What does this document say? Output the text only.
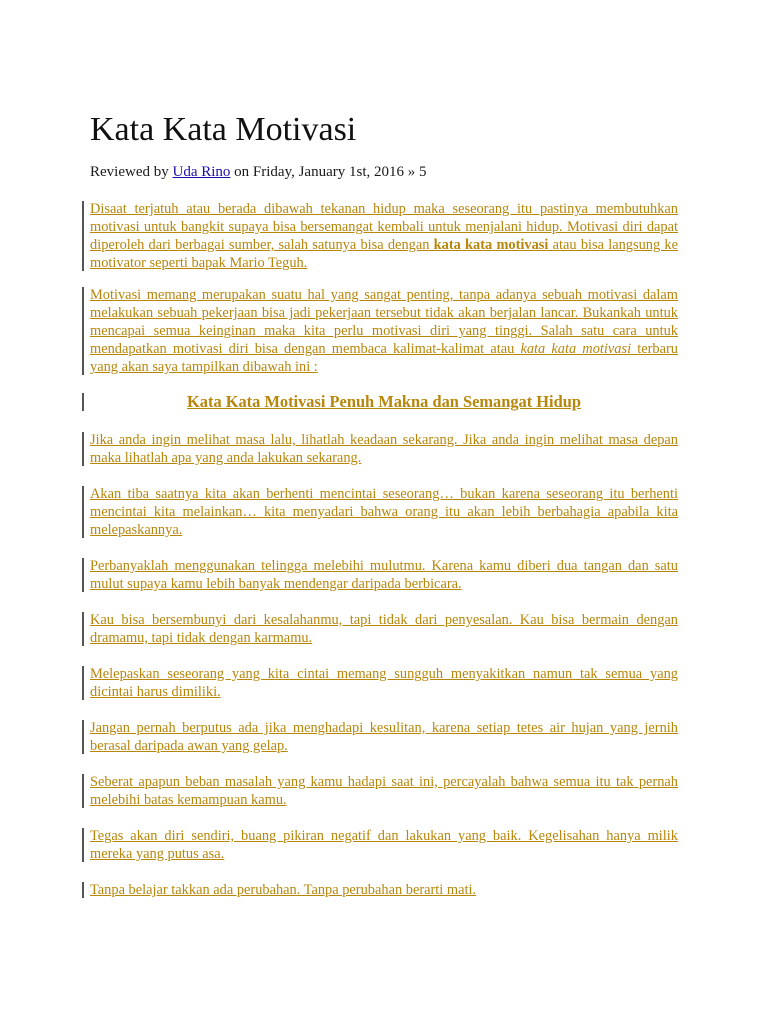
Kata Kata Motivasi
Reviewed by Uda Rino on Friday, January 1st, 2016 » 5

Disaat terjatuh atau berada dibawah tekanan hidup maka seseorang itu pastinya membutuhkan motivasi untuk bangkit supaya bisa bersemangat kembali untuk menjalani hidup. Motivasi diri dapat diperoleh dari berbagai sumber, salah satunya bisa dengan kata kata motivasi atau bisa langsung ke motivator seperti bapak Mario Teguh.

Motivasi memang merupakan suatu hal yang sangat penting, tanpa adanya sebuah motivasi dalam melakukan sebuah pekerjaan bisa jadi pekerjaan tersebut tidak akan berjalan lancar. Bukankah untuk mencapai semua keinginan maka kita perlu motivasi diri yang tinggi. Salah satu cara untuk mendapatkan motivasi diri bisa dengan membaca kalimat-kalimat atau kata kata motivasi terbaru yang akan saya tampilkan dibawah ini :

Kata Kata Motivasi Penuh Makna dan Semangat Hidup

Jika anda ingin melihat masa lalu, lihatlah keadaan sekarang. Jika anda ingin melihat masa depan maka lihatlah apa yang anda lakukan sekarang.

Akan tiba saatnya kita akan berhenti mencintai seseorang… bukan karena seseorang itu berhenti mencintai kita melainkan… kita menyadari bahwa orang itu akan lebih berbahagia apabila kita melepaskannya.

Perbanyaklah menggunakan telingga melebihi mulutmu. Karena kamu diberi dua tangan dan satu mulut supaya kamu lebih banyak mendengar daripada berbicara.

Kau bisa bersembunyi dari kesalahanmu, tapi tidak dari penyesalan. Kau bisa bermain dengan dramamu, tapi tidak dengan karmamu.

Melepaskan seseorang yang kita cintai memang sungguh menyakitkan namun tak semua yang dicintai harus dimiliki.

Jangan pernah berputus ada jika menghadapi kesulitan, karena setiap tetes air hujan yang jernih berasal daripada awan yang gelap.

Seberat apapun beban masalah yang kamu hadapi saat ini, percayalah bahwa semua itu tak pernah melebihi batas kemampuan kamu.

Tegas akan diri sendiri, buang pikiran negatif dan lakukan yang baik. Kegelisahan hanya milik mereka yang putus asa.

Tanpa belajar takkan ada perubahan. Tanpa perubahan berarti mati.
